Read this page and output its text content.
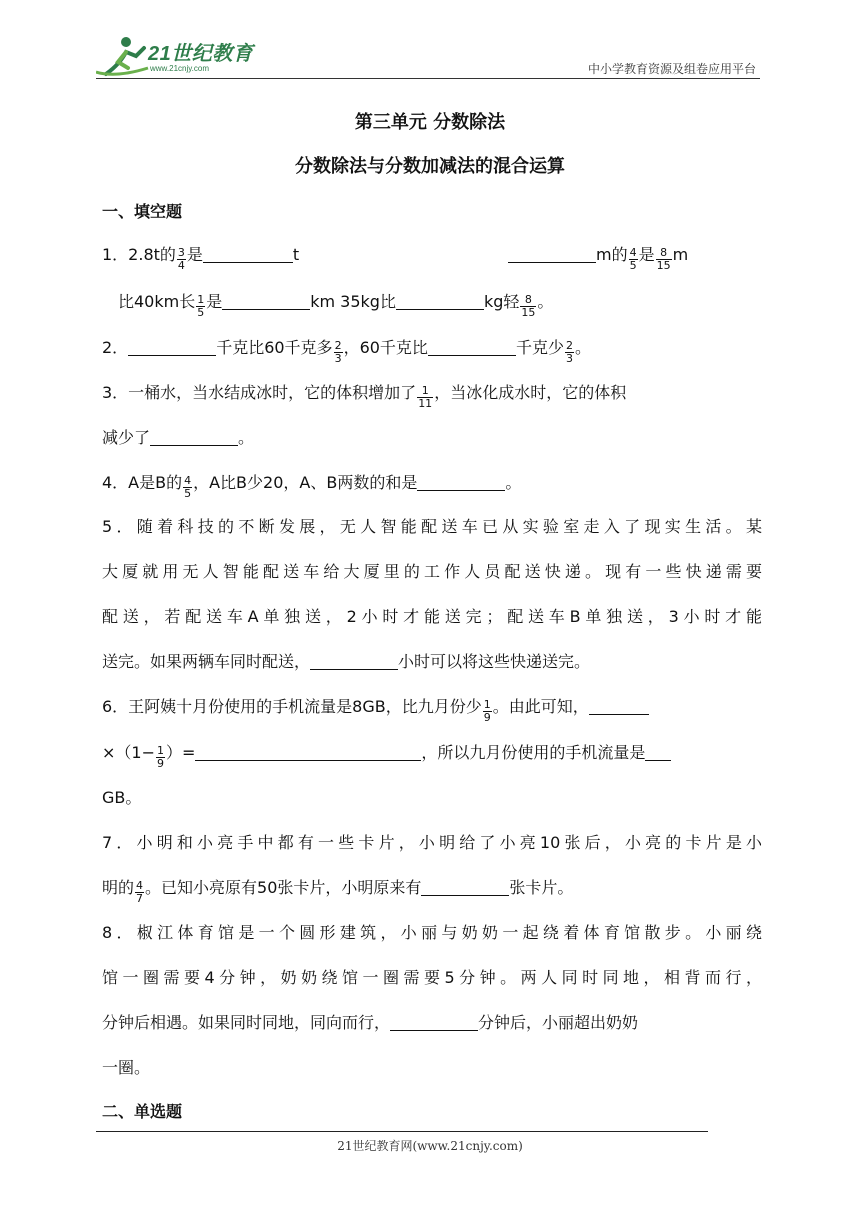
21世纪教育
www.21cnjy.com	中小学教育资源及组卷应用平台
第三单元 分数除法
分数除法与分数加减法的混合运算
一、填空题
1．2.8t的 $\frac{3}{4}$ 是	t	m的 $\frac{4}{5}$ 是 $\frac{8}{15}$ m
比40km长 $\frac{1}{5}$ 是	km 35kg比	kg轻 $\frac{8}{15}$ 。
2．	千克比60千克多 $\frac{2}{3}$ ，60千克比	千克少 $\frac{2}{3}$ 。
3．一桶水，当水结成冰时，它的体积增加了 $\frac{1}{11}$ ，当冰化成水时，它的体积
减少了	。
4．A是B的 $\frac{4}{5}$ ，A比B少20，A、B两数的和是	。
5．随着科技的不断发展，无人智能配送车已从实验室走入了现实生活。某
大厦就用无人智能配送车给大厦里的工作人员配送快递。现有一些快递需要
配送，若配送车A单独送，2小时才能送完；配送车B单独送，3小时才能
送完。如果两辆车同时配送，	小时可以将这些快递送完。
6．王阿姨十月份使用的手机流量是8GB，比九月份少 $\frac{1}{9}$ 。由此可知，
$\times(1- \frac{1}{9}$ ）=	，所以九月份使用的手机流量是
GB。
7．小明和小亮手中都有一些卡片，小明给了小亮10张后，小亮的卡片是小
明的 $\frac{4}{7}$ 。已知小亮原有50张卡片，小明原来有	张卡片。
8．椒江体育馆是一个圆形建筑，小丽与奶奶一起绕着体育馆散步。小丽绕
馆一圈需要4分钟，奶奶绕馆一圈需要5分钟。两人同时同地，相背而行，
分钟后相遇。如果同时同地，同向而行，	分钟后，小丽超出奶奶
一圈。
二、单选题
21世纪教育网(www.21cnjy.com)
